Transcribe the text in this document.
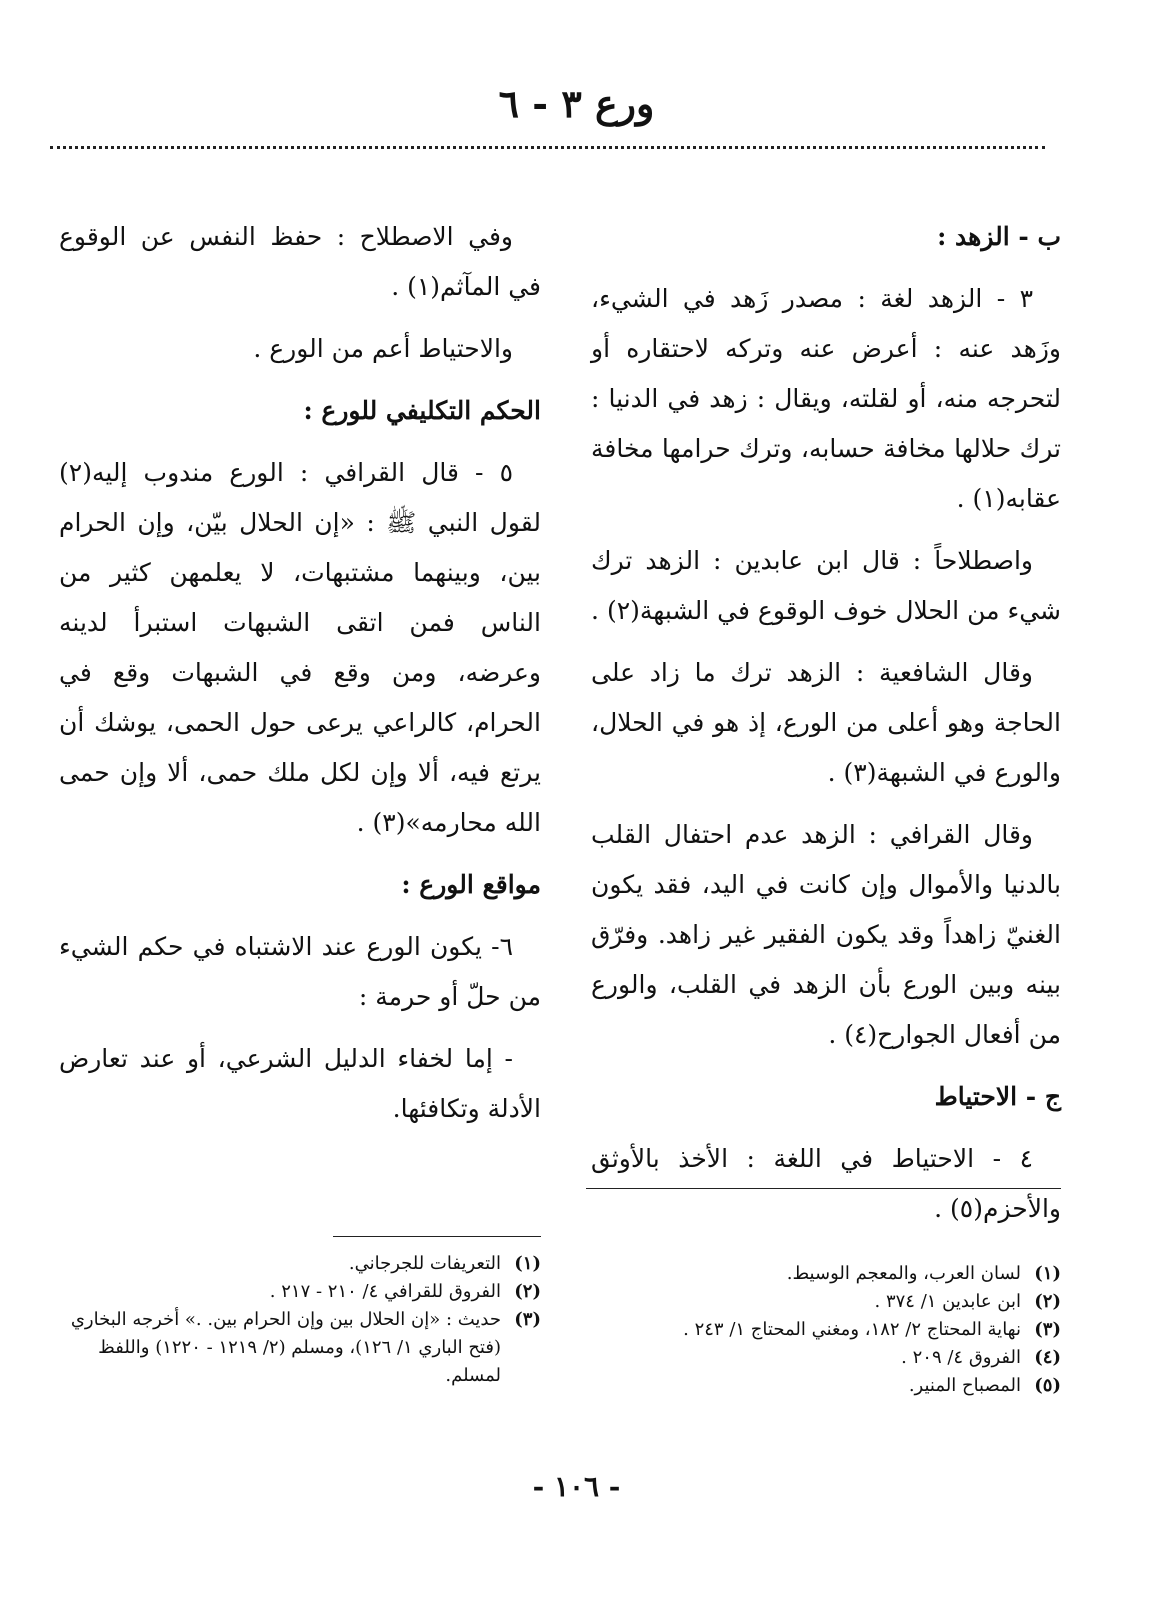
ورع ٣ - ٦
ب - الزهد :
٣ - الزهد لغة : مصدر زَهد في الشيء، وزَهد عنه : أعرض عنه وتركه لاحتقاره أو لتحرجه منه، أو لقلته، ويقال : زهد في الدنيا : ترك حلالها مخافة حسابه، وترك حرامها مخافة عقابه(١) .
واصطلاحاً : قال ابن عابدين : الزهد ترك شيء من الحلال خوف الوقوع في الشبهة(٢) .
وقال الشافعية : الزهد ترك ما زاد على الحاجة وهو أعلى من الورع، إذ هو في الحلال، والورع في الشبهة(٣) .
وقال القرافي : الزهد عدم احتفال القلب بالدنيا والأموال وإن كانت في اليد، فقد يكون الغنيّ زاهداً وقد يكون الفقير غير زاهد. وفرّق بينه وبين الورع بأن الزهد في القلب، والورع من أفعال الجوارح(٤) .
ج - الاحتياط
٤ - الاحتياط في اللغة : الأخذ بالأوثق والأحزم(٥) .
وفي الاصطلاح : حفظ النفس عن الوقوع في المآثم(١) .
والاحتياط أعم من الورع .
الحكم التكليفي للورع :
٥ - قال القرافي : الورع مندوب إليه(٢) لقول النبي ﷺ : «إن الحلال بيّن، وإن الحرام بين، وبينهما مشتبهات، لا يعلمهن كثير من الناس فمن اتقى الشبهات استبرأ لدينه وعرضه، ومن وقع في الشبهات وقع في الحرام، كالراعي يرعى حول الحمى، يوشك أن يرتع فيه، ألا وإن لكل ملك حمى، ألا وإن حمى الله محارمه»(٣) .
مواقع الورع :
٦- يكون الورع عند الاشتباه في حكم الشيء من حلّ أو حرمة :
- إما لخفاء الدليل الشرعي، أو عند تعارض الأدلة وتكافئها.
(١)
لسان العرب، والمعجم الوسيط.
(٢)
ابن عابدين ١/ ٣٧٤ .
(٣)
نهاية المحتاج ٢/ ١٨٢، ومغني المحتاج ١/ ٢٤٣ .
(٤)
الفروق ٤/ ٢٠٩ .
(٥)
المصباح المنير.
(١)
التعريفات للجرجاني.
(٢)
الفروق للقرافي ٤/ ٢١٠ - ٢١٧ .
(٣)
حديث : «إن الحلال بين وإن الحرام بين. .» أخرجه البخاري (فتح الباري ١/ ١٢٦)، ومسلم (٢/ ١٢١٩ - ١٢٢٠) واللفظ لمسلم.
- ١٠٦ -
